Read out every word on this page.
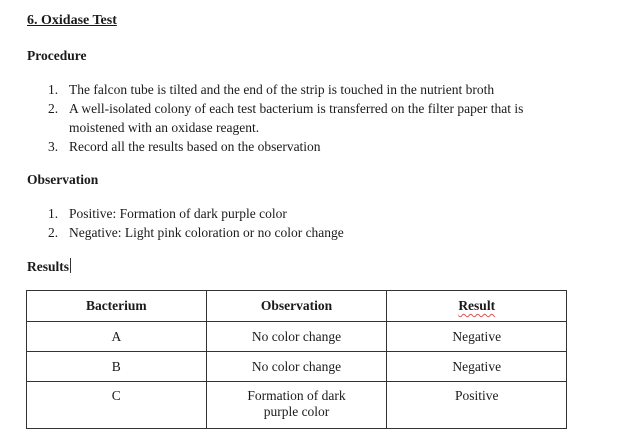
6. Oxidase Test
Procedure
1. The falcon tube is tilted and the end of the strip is touched in the nutrient broth
2. A well-isolated colony of each test bacterium is transferred on the filter paper that is moistened with an oxidase reagent.
3. Record all the results based on the observation
Observation
1. Positive: Formation of dark purple color
2. Negative: Light pink coloration or no color change
Results
Bacterium	Observation	Result
A	No color change	Negative
B	No color change	Negative
C	Formation of dark purple color	Positive
